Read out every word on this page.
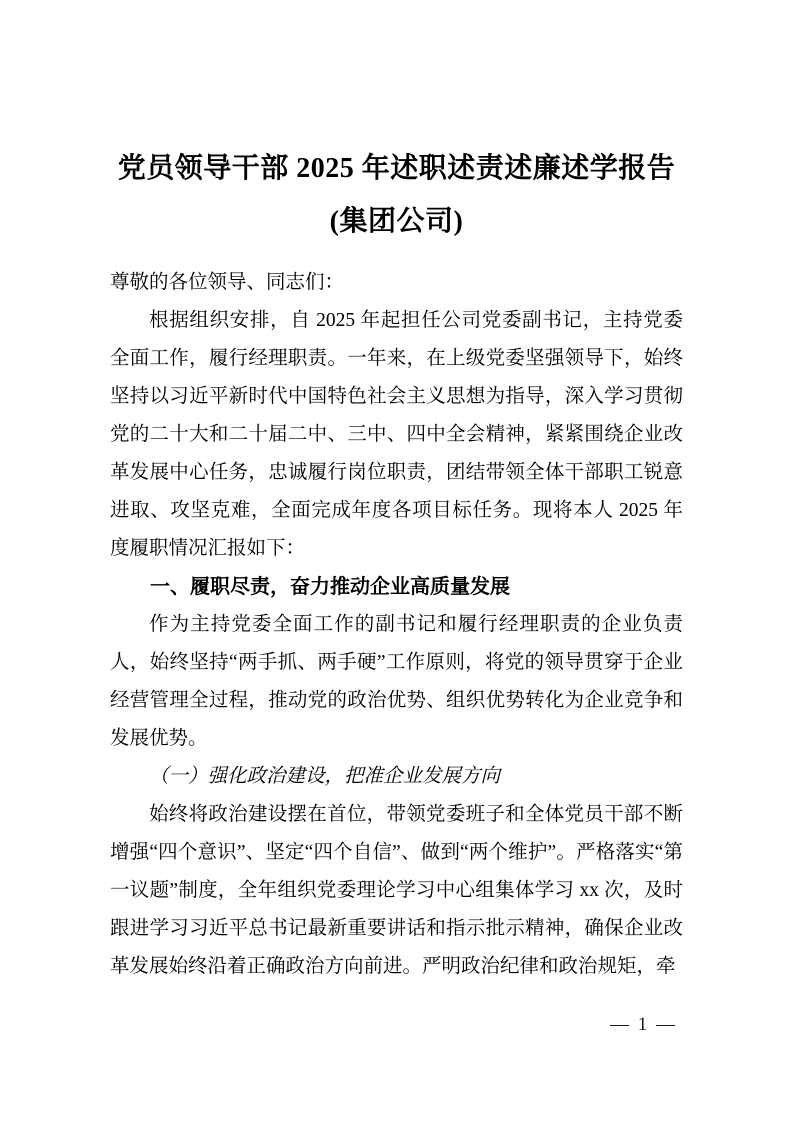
党员领导干部 2025 年述职述责述廉述学报告
(集团公司)

尊敬的各位领导、同志们：

根据组织安排，自 2025 年起担任公司党委副书记，主持党委全面工作，履行经理职责。一年来，在上级党委坚强领导下，始终坚持以习近平新时代中国特色社会主义思想为指导，深入学习贯彻党的二十大和二十届二中、三中、四中全会精神，紧紧围绕企业改革发展中心任务，忠诚履行岗位职责，团结带领全体干部职工锐意进取、攻坚克难，全面完成年度各项目标任务。现将本人 2025 年度履职情况汇报如下：

一、履职尽责，奋力推动企业高质量发展

作为主持党委全面工作的副书记和履行经理职责的企业负责人，始终坚持“两手抓、两手硬”工作原则，将党的领导贯穿于企业经营管理全过程，推动党的政治优势、组织优势转化为企业竞争和发展优势。

（一）强化政治建设，把准企业发展方向

始终将政治建设摆在首位，带领党委班子和全体党员干部不断增强“四个意识”、坚定“四个自信”、做到“两个维护”。严格落实“第一议题”制度，全年组织党委理论学习中心组集体学习 xx 次，及时跟进学习习近平总书记最新重要讲话和指示批示精神，确保企业改革发展始终沿着正确政治方向前进。严明政治纪律和政治规矩，牵

— 1 —
